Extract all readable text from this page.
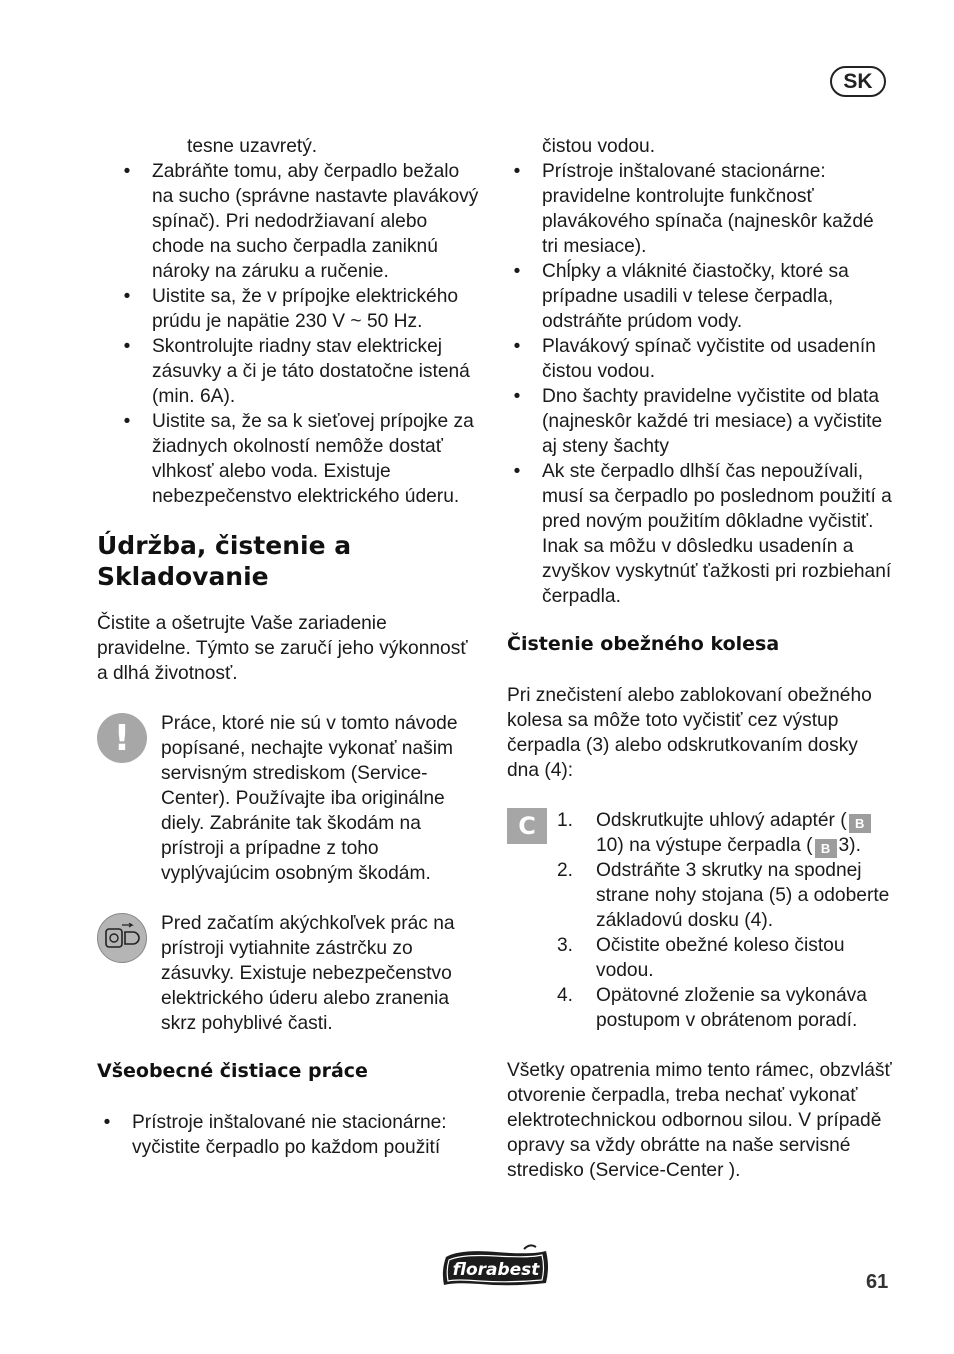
SK
tesne uzavretý.
• Zabráňte tomu, aby čerpadlo bežalo na sucho (správne nastavte plavákový spínač). Pri nedodržiavaní alebo chode na sucho čerpadla zaniknú nároky na záruku a ručenie.
• Uistite sa, že v prípojke elektrického prúdu je napätie 230 V ~ 50 Hz.
• Skontrolujte riadny stav elektrickej zásuvky a či je táto dostatočne istená (min. 6A).
• Uistite sa, že sa k sieťovej prípojke za žiadnych okolností nemôže dostať vlhkosť alebo voda. Existuje nebezpečenstvo elektrického úderu.
Údržba, čistenie a
Skladovanie

Čistite a ošetrujte Vaše zariadenie pravidelne. Týmto se zaručí jeho výkonnosť a dlhá životnosť.

!	Práce, ktoré nie sú v tomto návode popísané, nechajte vykonať našim servisným strediskom (Service-Center). Používajte iba originálne diely. Zabránite tak škodám na prístroji a prípadne z toho vyplývajúcim osobným škodám.

Pred začatím akýchkoľvek prác na prístroji vytiahnite zástrčku zo zásuvky. Existuje nebezpečenstvo elektrického úderu alebo zranenia skrz pohyblivé časti.

Všeobecné čistiace práce
• Prístroje inštalované nie stacionárne: vyčistite čerpadlo po každom použití
čistou vodou.
• Prístroje inštalované stacionárne: pravidelne kontrolujte funkčnosť plavákového spínača (najneskôr každé tri mesiace).
• Chĺpky a vláknité čiastočky, ktoré sa prípadne usadili v telese čerpadla, odstráňte prúdom vody.
• Plavákový spínač vyčistite od usadenín čistou vodou.
• Dno šachty pravidelne vyčistite od blata (najneskôr každé tri mesiace) a vyčistite aj steny šachty
• Ak ste čerpadlo dlhší čas nepoužívali, musí sa čerpadlo po poslednom použití a pred novým použitím dôkladne vyčistiť. Inak sa môžu v dôsledku usadenín a zvyškov vyskytnúť ťažkosti pri rozbiehaní čerpadla.
Čistenie obežného kolesa

Pri znečistení alebo zablokovaní obežného kolesa sa môže toto vyčistiť cez výstup čerpadla (3) alebo odskrutkovaním dosky dna (4):

C	1. Odskrutkujte uhlový adaptér ( B10) na výstupe čerpadla ( B 3).
2. Odstráňte 3 skrutky na spodnej strane nohy stojana (5) a odoberte základovú dosku (4).
3. Očistite obežné koleso čistou vodou.
4. Opätovné zloženie sa vykonáva postupom v obrátenom poradí.

Všetky opatrenia mimo tento rámec, obzvlášť otvorenie čerpadla, treba nechať vykonať elektrotechnickou odbornou silou. V prípadě opravy sa vždy obrátte na naše servisné stredisko (Service-Center ).

florabest
61
